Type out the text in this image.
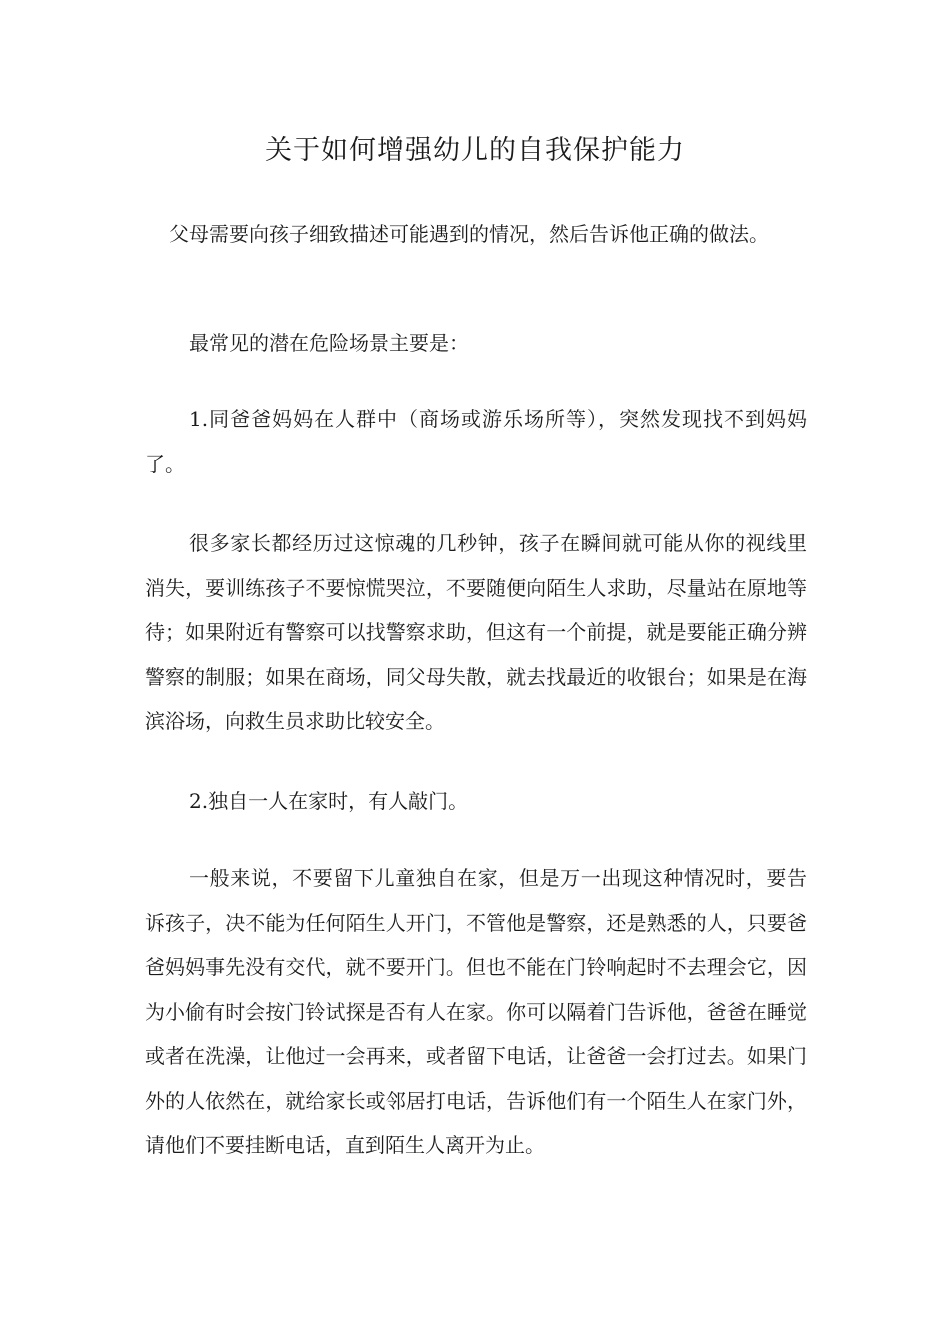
关于如何增强幼儿的自我保护能力

父母需要向孩子细致描述可能遇到的情况，然后告诉他正确的做法。

最常见的潜在危险场景主要是：

1.同爸爸妈妈在人群中（商场或游乐场所等），突然发现找不到妈妈了。

很多家长都经历过这惊魂的几秒钟，孩子在瞬间就可能从你的视线里消失，要训练孩子不要惊慌哭泣，不要随便向陌生人求助，尽量站在原地等待；如果附近有警察可以找警察求助，但这有一个前提，就是要能正确分辨警察的制服；如果在商场，同父母失散，就去找最近的收银台；如果是在海滨浴场，向救生员求助比较安全。

2.独自一人在家时，有人敲门。

一般来说，不要留下儿童独自在家，但是万一出现这种情况时，要告诉孩子，决不能为任何陌生人开门，不管他是警察，还是熟悉的人，只要爸爸妈妈事先没有交代，就不要开门。但也不能在门铃响起时不去理会它，因为小偷有时会按门铃试探是否有人在家。你可以隔着门告诉他，爸爸在睡觉或者在洗澡，让他过一会再来，或者留下电话，让爸爸一会打过去。如果门外的人依然在，就给家长或邻居打电话，告诉他们有一个陌生人在家门外，请他们不要挂断电话，直到陌生人离开为止。
